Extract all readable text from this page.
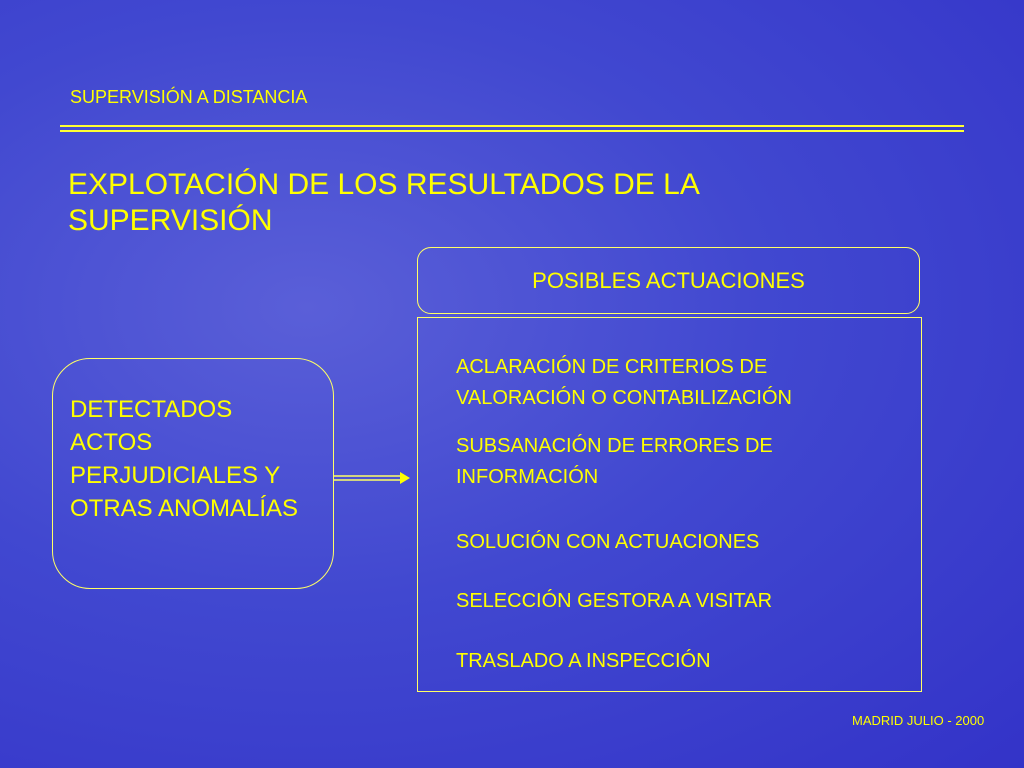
SUPERVISIÓN A DISTANCIA
EXPLOTACIÓN DE LOS RESULTADOS DE LA
SUPERVISIÓN
DETECTADOS
ACTOS
PERJUDICIALES Y
OTRAS ANOMALÍAS
POSIBLES ACTUACIONES
ACLARACIÓN DE CRITERIOS DE
VALORACIÓN O CONTABILIZACIÓN
SUBSANACIÓN DE ERRORES DE
INFORMACIÓN
SOLUCIÓN CON ACTUACIONES
SELECCIÓN GESTORA A VISITAR
TRASLADO A INSPECCIÓN
MADRID JULIO - 2000
